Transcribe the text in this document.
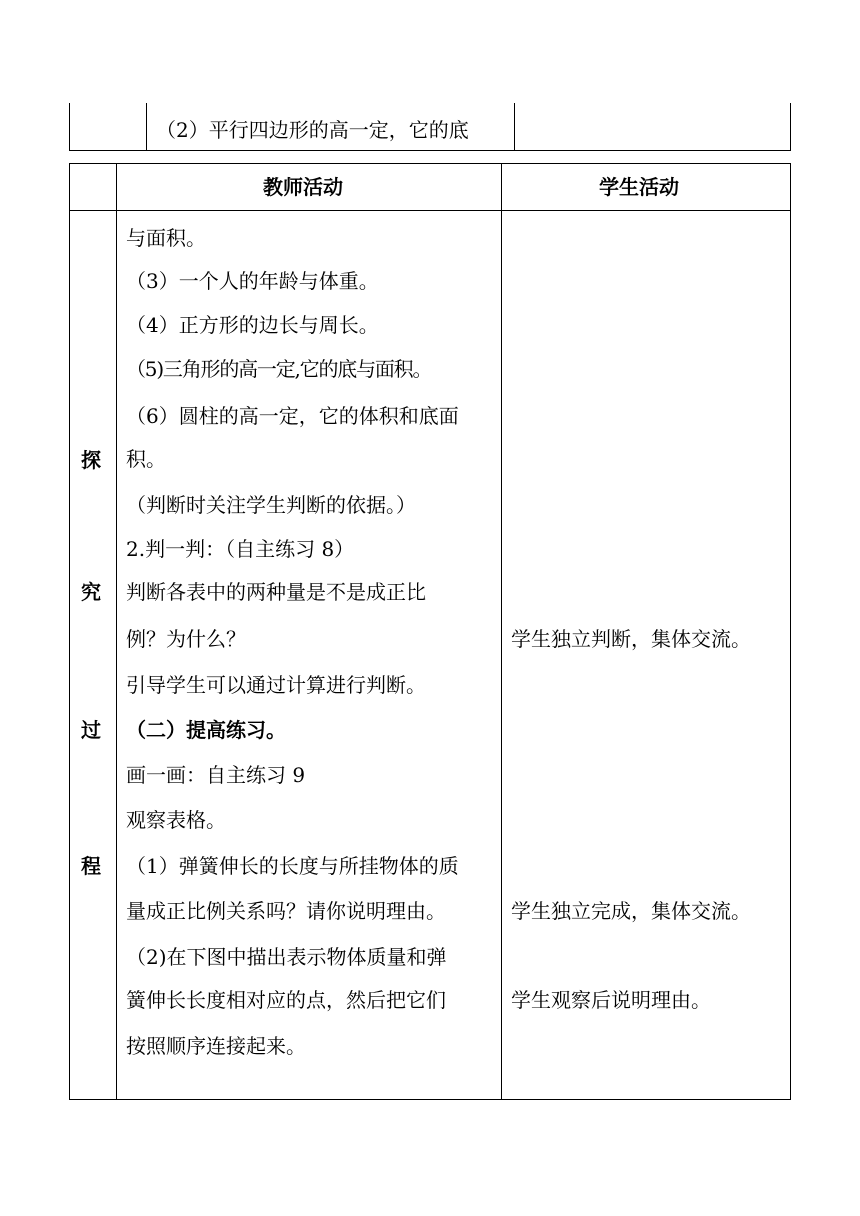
（2）平行四边形的高一定，它的底
教师活动	学生活动
探
究
过
程
与面积。
（3）一个人的年龄与体重。
（4）正方形的边长与周长。
（5)三角形的高一定,它的底与面积。
（6）圆柱的高一定，它的体积和底面
积。
（判断时关注学生判断的依据。）
2.判一判：（自主练习 8）
判断各表中的两种量是不是成正比
例？为什么？
引导学生可以通过计算进行判断。
（二）提高练习。
画一画：自主练习 9
观察表格。
（1）弹簧伸长的长度与所挂物体的质
量成正比例关系吗？请你说明理由。
（2)在下图中描出表示物体质量和弹
簧伸长长度相对应的点，然后把它们
按照顺序连接起来。
学生独立判断，集体交流。
学生独立完成，集体交流。
学生观察后说明理由。
